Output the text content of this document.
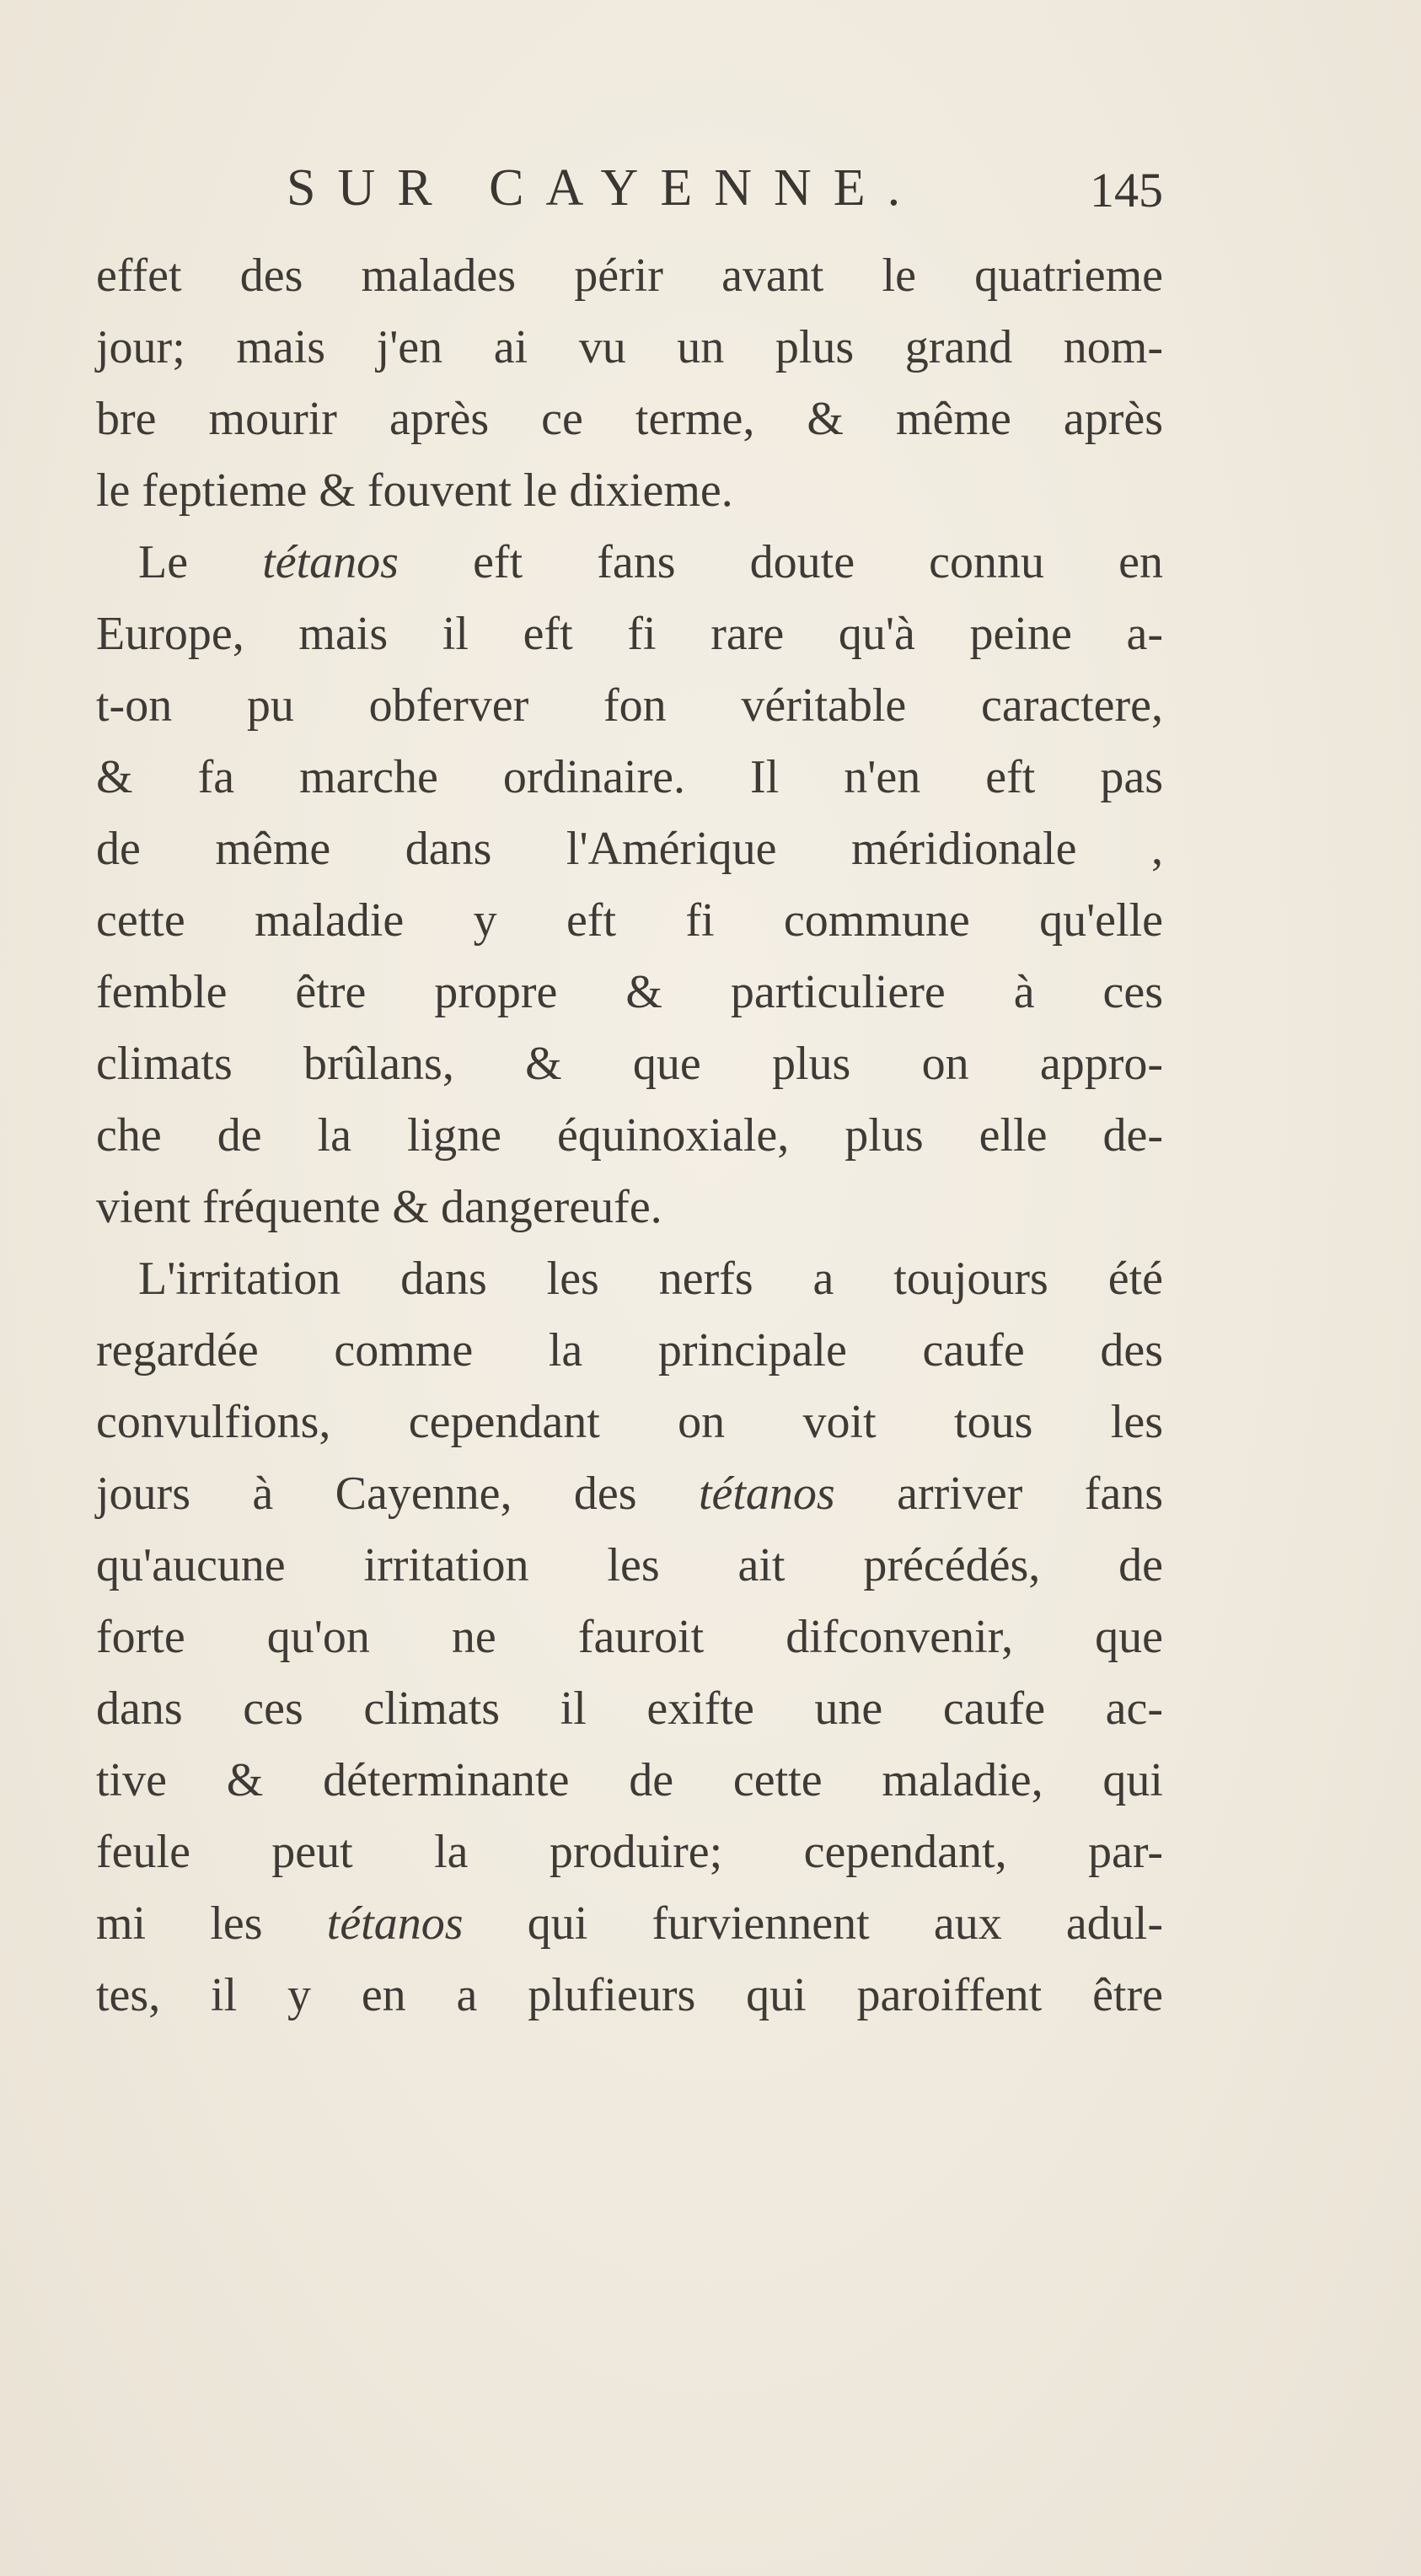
SUR CAYENNE.	145
effet des malades périr avant le quatrieme
jour; mais j'en ai vu un plus grand nom-
bre mourir après ce terme, & même après
le feptieme & fouvent le dixieme.
Le tétanos eft fans doute connu en
Europe, mais il eft fi rare qu'à peine a-
t-on pu obferver fon véritable caractere,
& fa marche ordinaire. Il n'en eft pas
de même dans l'Amérique méridionale ,
cette maladie y eft fi commune qu'elle
femble être propre & particuliere à ces
climats brûlans, & que plus on appro-
che de la ligne équinoxiale, plus elle de-
vient fréquente & dangereufe.
L'irritation dans les nerfs a toujours été
regardée comme la principale caufe des
convulfions, cependant on voit tous les
jours à Cayenne, des tétanos arriver fans
qu'aucune irritation les ait précédés, de
forte qu'on ne fauroit difconvenir, que
dans ces climats il exifte une caufe ac-
tive & déterminante de cette maladie, qui
feule peut la produire; cependant, par-
mi les tétanos qui furviennent aux adul-
tes, il y en a plufieurs qui paroiffent être
